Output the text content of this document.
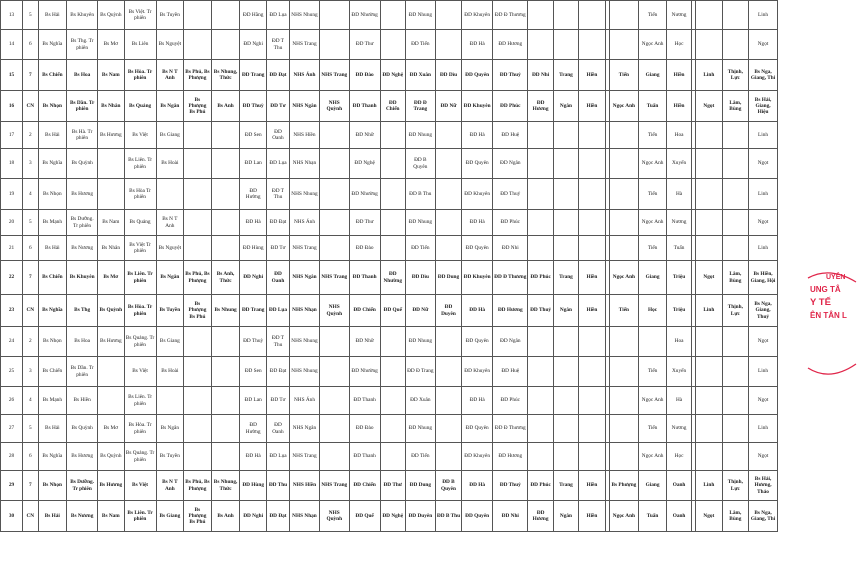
13	5	Bs Hải	Bs Khuyên	Bs Quỳnh	Bs Việt. Tr phiên	Bs Tuyền			ĐD Hằng	ĐD Lụa	NHS Nhung		ĐD Nhường		ĐD Nhung		ĐD Khuyên	ĐD Đ Thương						Tiến	Nương				Linh
14	6	Bs Nghĩa	Bs Thg. Tr phiên	Bs Mơ	Bs Liên	Bs Nguyệt			ĐD Nghi	ĐD T Thu	NHS Trang		ĐD Thư		ĐD Tiến		ĐD Hà	ĐD Hương						Ngọc Anh	Học				Ngọt
15	7	Bs Chiến	Bs Hoa	Bs Nam	Bs Hòa. Tr phiên	Bs N T Anh	Bs Phú, Bs Phượng	Bs Nhung, Thức	ĐD Trang	ĐD Đạt	NHS Ánh	NHS Trang	ĐD Đào	ĐD Nghệ	ĐD Xuân	ĐD Dìu	ĐD Quyên	ĐD Thuỷ	ĐD Nhi	Trang	Hiền		Tiến	Giang	Hiền		Linh	Thịnh, Lực	Bs Nga, Giang, Thi
16	CN	Bs Nhọn	Bs Dần. Tr phiên	Bs Nhân	Bs Quảng	Bs Ngân	Bs Phượng Bs Phú	Bs Anh	ĐD Thuỳ	ĐD Tơ	NHS Ngân	NHS Quỳnh	ĐD Thanh	ĐD Chiến	ĐD Đ Trang	ĐD Nữ	ĐD Khuyên	ĐD Phúc	ĐD Hương	Ngân	Hiền		Ngọc Anh	Tuấn	Hiền		Ngọt	Lâm, Bùng	Bs Hải, Giang, Hiệu
17	2	Bs Hải	Bs Hà. Tr phiên	Bs Hương	Bs Việt	Bs Giang			ĐD Sen	ĐD Oanh	NHS Hiền		ĐD Nhữ		ĐD Nhung		ĐD Hà	ĐD Huệ						Tiến	Hoa				Linh
18	3	Bs Nghĩa	Bs Quỳnh		Bs Liên. Tr phiên	Bs Hoài			ĐD Lan	ĐD Lụa	NHS Nhạn		ĐD Nghệ		ĐD B Quyên		ĐD Quyên	ĐD Ngân						Ngọc Anh	Xuyến				Ngọt
19	4	Bs Nhọn	Bs Hương		Bs Hòa Tr phiên				ĐD Hường	ĐD T Thu	NHS Nhung		ĐD Nhường		ĐD B Thu		ĐD Khuyên	ĐD Thuỷ						Tiến	Hà				Linh
20	5	Bs Mạnh	Bs Dưỡng. Tr phiên	Bs Nam	Bs Quảng	Bs N T Anh			ĐD Hà	ĐD Đạt	NHS Ánh		ĐD Thư		ĐD Nhung		ĐD Hà	ĐD Phúc						Ngọc Anh	Nương				Ngọt
21	6	Bs Hải	Bs Nương	Bs Nhân	Bs Việt Tr phiên	Bs Nguyệt			ĐD Hùng	ĐD Tơ	NHS Trang		ĐD Đào		ĐD Tiến		ĐD Quyên	ĐD Nhi						Tiến	Tuấn				Linh
22	7	Bs Chiến	Bs Khuyên	Bs Mơ	Bs Liên. Tr phiên	Bs Ngân	Bs Phú, Bs Phượng	Bs Anh, Thức	ĐD Nghi	ĐD Oanh	NHS Ngân	NHS Trang	ĐD Thanh	ĐD Nhường	ĐD Dìu	ĐD Dung	ĐD Khuyên	ĐD Đ Thương	ĐD Phúc	Trang	Hiền		Ngọc Anh	Giang	Triệu		Ngọt	Lâm, Bùng	Bs Hiền, Giang, Hội
23	CN	Bs Nghĩa	Bs Thg	Bs Quỳnh	Bs Hòa. Tr phiên	Bs Tuyền	Bs Phượng Bs Phú	Bs Nhung	ĐD Trang	ĐD Lụa	NHS Nhạn	NHS Quỳnh	ĐD Chiến	ĐD Quế	ĐD Nữ	ĐD Duyên	ĐD Hà	ĐD Hương	ĐD Thuỷ	Ngân	Hiền		Tiến	Học	Triệu		Linh	Thịnh, Lực	Bs Nga, Giang, Thuỷ
24	2	Bs Nhọn	Bs Hoa	Bs Hương	Bs Quảng. Tr phiên	Bs Giang			ĐD Thuỳ	ĐD T Thu	NHS Nhung		ĐD Nhữ		ĐD Nhung		ĐD Quyên	ĐD Ngân							Hoa				Ngọt
25	3	Bs Chiến	Bs Dần. Tr phiên		Bs Việt	Bs Hoài			ĐD Sen	ĐD Đạt	NHS Nhung		ĐD Nhường		ĐD Đ Trang		ĐD Khuyên	ĐD Huệ						Tiến	Xuyến				Linh
26	4	Bs Mạnh	Bs Hiền		Bs Liên. Tr phiên				ĐD Lan	ĐD Tơ	NHS Ánh		ĐD Thanh		ĐD Xuân		ĐD Hà	ĐD Phúc						Ngọc Anh	Hà				Ngọt
27	5	Bs Hải	Bs Quỳnh	Bs Mơ	Bs Hòa. Tr phiên	Bs Ngân			ĐD Hường	ĐD Oanh	NHS Ngân		ĐD Đào		ĐD Nhung		ĐD Quyên	ĐD Đ Thương						Tiến	Nương				Linh
28	6	Bs Nghĩa	Bs Hương	Bs Quỳnh	Bs Quảng. Tr phiên	Bs Tuyền			ĐD Hà	ĐD Lụa	NHS Trang		ĐD Thanh		ĐD Tiến		ĐD Khuyên	ĐD Hương						Ngọc Anh	Học				Ngọt
29	7	Bs Nhọn	Bs Dưỡng. Tr phiên	Bs Hương	Bs Việt	Bs N T Anh	Bs Phú, Bs Phượng	Bs Nhung, Thức	ĐD Hùng	ĐD Thu	NHS Hiền	NHS Trang	ĐD Chiến	ĐD Thư	ĐD Dung	ĐD B Quyên	ĐD Hà	ĐD Thuỷ	ĐD Phúc	Trang	Hiền		Bs Phượng	Giang	Oanh		Linh	Thịnh, Lực	Bs Hải, Hương, Thảo
30	CN	Bs Hải	Bs Nương	Bs Nam	Bs Liên. Tr phiên	Bs Giang	Bs Phượng Bs Phú	Bs Anh	ĐD Nghi	ĐD Đạt	NHS Nhạn	NHS Quỳnh	ĐD Quế	ĐD Nghệ	ĐD Duyên	ĐD B Thu	ĐD Quyên	ĐD Nhi	ĐD Hương	Ngân	Hiền		Ngọc Anh	Tuấn	Oanh		Ngọt	Lâm, Bùng	Bs Nga, Giang, Thi
UYÊN
UNG TÂ
Y TẾ
ÊN TÂN L
